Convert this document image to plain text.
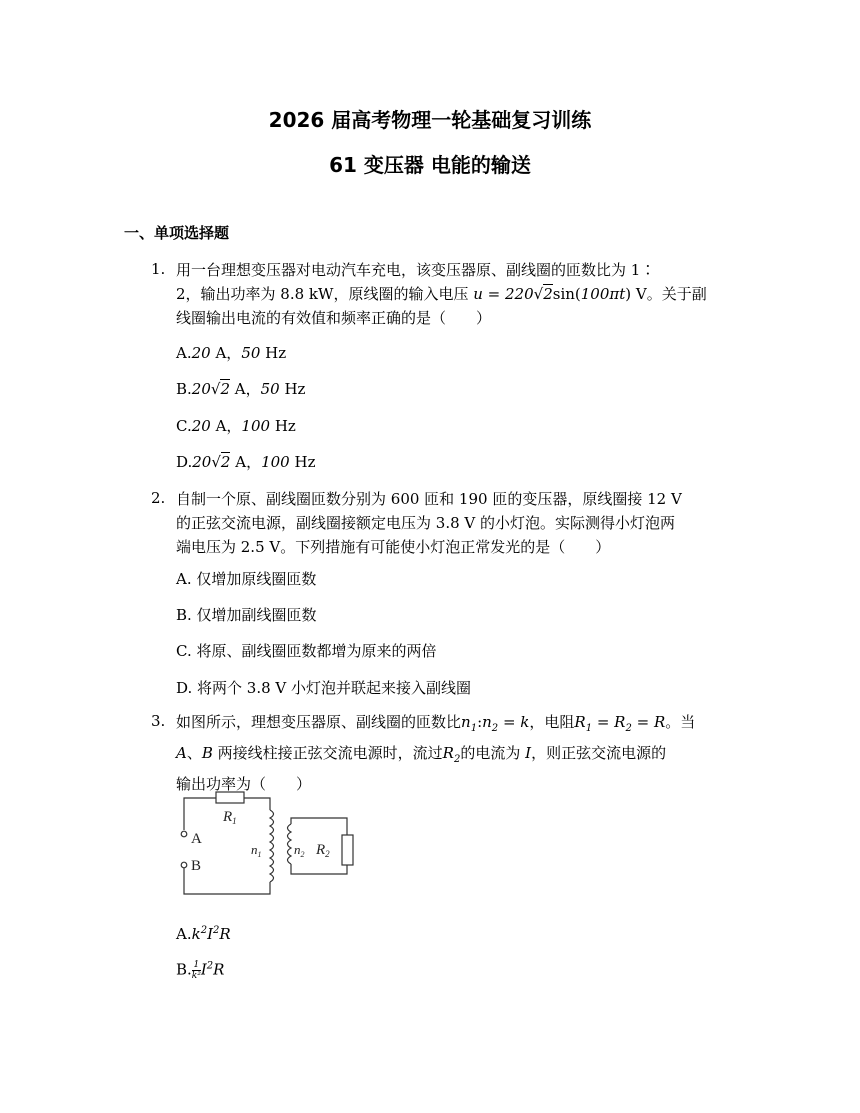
2026 届高考物理一轮基础复习训练
61 变压器 电能的输送
一、单项选择题
1. 用一台理想变压器对电动汽车充电，该变压器原、副线圈的匝数比为 1∶
2，输出功率为 8.8 kW，原线圈的输入电压 u = 220√2sin(100πt) V。关于副
线圈输出电流的有效值和频率正确的是（　　）
A.20 A，50 Hz
B.20√2 A，50 Hz
C.20 A，100 Hz
D.20√2 A，100 Hz
2. 自制一个原、副线圈匝数分别为 600 匝和 190 匝的变压器，原线圈接 12 V
的正弦交流电源，副线圈接额定电压为 3.8 V 的小灯泡。实际测得小灯泡两
端电压为 2.5 V。下列措施有可能使小灯泡正常发光的是（　　）
A. 仅增加原线圈匝数
B. 仅增加副线圈匝数
C. 将原、副线圈匝数都增为原来的两倍
D. 将两个 3.8 V 小灯泡并联起来接入副线圈
3. 如图所示，理想变压器原、副线圈的匝数比$n_1:n_2 = k$，电阻$R_1 = R_2 = R$。当
A、B 两接线柱接正弦交流电源时，流过$R_2$的电流为 I，则正弦交流电源的
输出功率为（　　）
$R_1$
A
B
$n_1$	$n_2$ $R_2$
$A.k^2I^2R$
B. $\frac{1}{\text{k²}} I^2R$
